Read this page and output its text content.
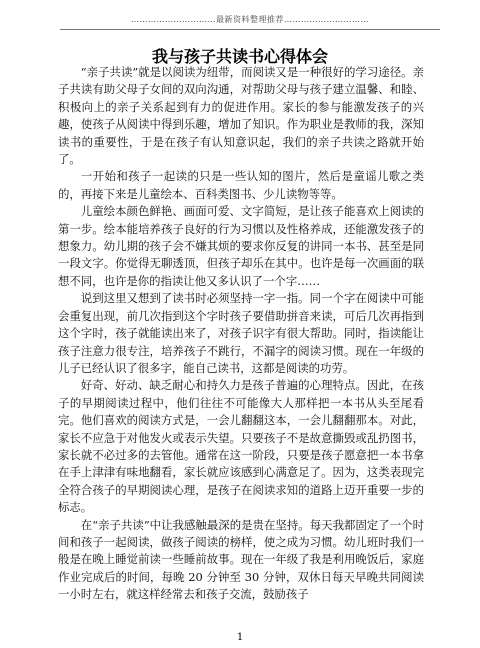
…………………………最新资料整理推荐…………………………
我与孩子共读书心得体会

“亲子共读”就是以阅读为纽带，而阅读又是一种很好的学习途径。亲子共读有助父母子女间的双向沟通，对帮助父母与孩子建立温馨、和睦、积极向上的亲子关系起到有力的促进作用。家长的参与能激发孩子的兴趣，使孩子从阅读中得到乐趣，增加了知识。作为职业是教师的我，深知读书的重要性，于是在孩子有认知意识起，我们的亲子共读之路就开始了。

一开始和孩子一起读的只是一些认知的图片，然后是童谣儿歌之类的，再接下来是儿童绘本、百科类图书、少儿读物等等。

儿童绘本颜色鲜艳、画面可爱、文字简短，是让孩子能喜欢上阅读的第一步。绘本能培养孩子良好的行为习惯以及性格养成，还能激发孩子的想象力。幼儿期的孩子会不嫌其烦的要求你反复的讲同一本书、甚至是同一段文字。你觉得无聊透顶，但孩子却乐在其中。也许是每一次画面的联想不同，也许是你的指读让他又多认识了一个字……

说到这里又想到了读书时必须坚持一字一指。同一个字在阅读中可能会重复出现，前几次指到这个字时孩子要借助拼音来读，可后几次再指到这个字时，孩子就能读出来了，对孩子识字有很大帮助。同时，指读能让孩子注意力很专注，培养孩子不跳行，不漏字的阅读习惯。现在一年级的儿子已经认识了很多字，能自己读书，这都是阅读的功劳。

好奇、好动、缺乏耐心和持久力是孩子普遍的心理特点。因此，在孩子的早期阅读过程中，他们往往不可能像大人那样把一本书从头至尾看完。他们喜欢的阅读方式是，一会儿翻翻这本，一会儿翻翻那本。对此，家长不应急于对他发火或表示失望。只要孩子不是故意撕毁或乱扔图书，家长就不必过多的去管他。通常在这一阶段，只要是孩子愿意把一本书拿在手上津津有味地翻看，家长就应该感到心满意足了。因为，这类表现完全符合孩子的早期阅读心理，是孩子在阅读求知的道路上迈开重要一步的标志。

在“亲子共读”中让我感触最深的是贵在坚持。每天我都固定了一个时间和孩子一起阅读，做孩子阅读的榜样，使之成为习惯。幼儿班时我们一般是在晚上睡觉前读一些睡前故事。现在一年级了我是利用晚饭后，家庭作业完成后的时间，每晚 20 分钟至 30 分钟，双休日每天早晚共同阅读一小时左右，就这样经常去和孩子交流，鼓励孩子

1
